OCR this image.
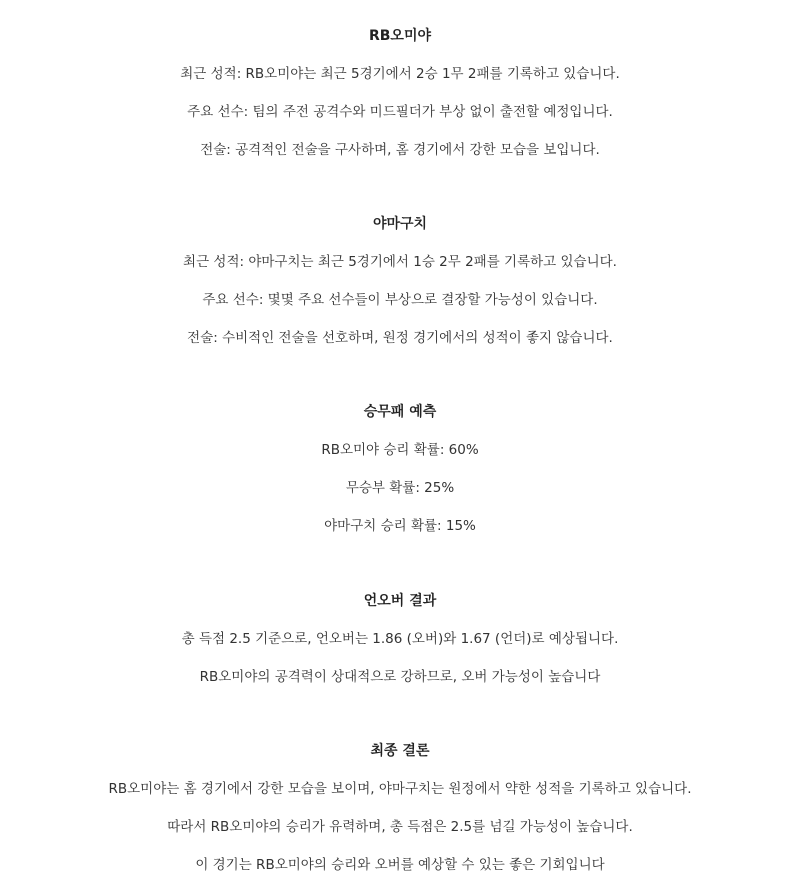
RB오미야
최근 성적: RB오미야는 최근 5경기에서 2승 1무 2패를 기록하고 있습니다.
주요 선수: 팀의 주전 공격수와 미드필더가 부상 없이 출전할 예정입니다.
전술: 공격적인 전술을 구사하며, 홈 경기에서 강한 모습을 보입니다.
야마구치
최근 성적: 야마구치는 최근 5경기에서 1승 2무 2패를 기록하고 있습니다.
주요 선수: 몇몇 주요 선수들이 부상으로 결장할 가능성이 있습니다.
전술: 수비적인 전술을 선호하며, 원정 경기에서의 성적이 좋지 않습니다.
승무패 예측
RB오미야 승리 확률: 60%
무승부 확률: 25%
야마구치 승리 확률: 15%
언오버 결과
총 득점 2.5 기준으로, 언오버는 1.86 (오버)와 1.67 (언더)로 예상됩니다.
RB오미야의 공격력이 상대적으로 강하므로, 오버 가능성이 높습니다
최종 결론
RB오미야는 홈 경기에서 강한 모습을 보이며, 야마구치는 원정에서 약한 성적을 기록하고 있습니다.
따라서 RB오미야의 승리가 유력하며, 총 득점은 2.5를 넘길 가능성이 높습니다.
이 경기는 RB오미야의 승리와 오버를 예상할 수 있는 좋은 기회입니다
